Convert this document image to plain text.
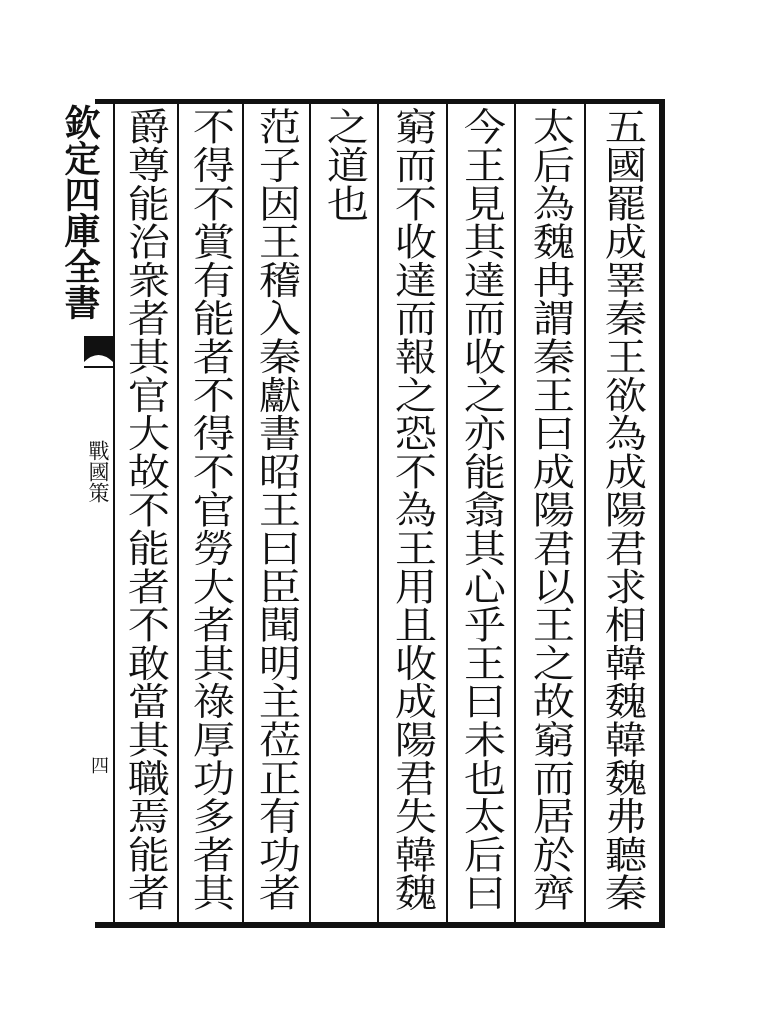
五國罷成睪秦王欲為成陽君求相韓魏韓魏弗聽秦
太后為魏冉謂秦王曰成陽君以王之故窮而居於齊
今王見其達而收之亦能翕其心乎王曰未也太后曰
窮而不收達而報之恐不為王用且收成陽君失韓魏
之道也
范子因王稽入秦獻書昭王曰臣聞明主莅正有功者
不得不賞有能者不得不官勞大者其祿厚功多者其
爵尊能治衆者其官大故不能者不敢當其職焉能者
欽定四庫全書
戰國策
四
